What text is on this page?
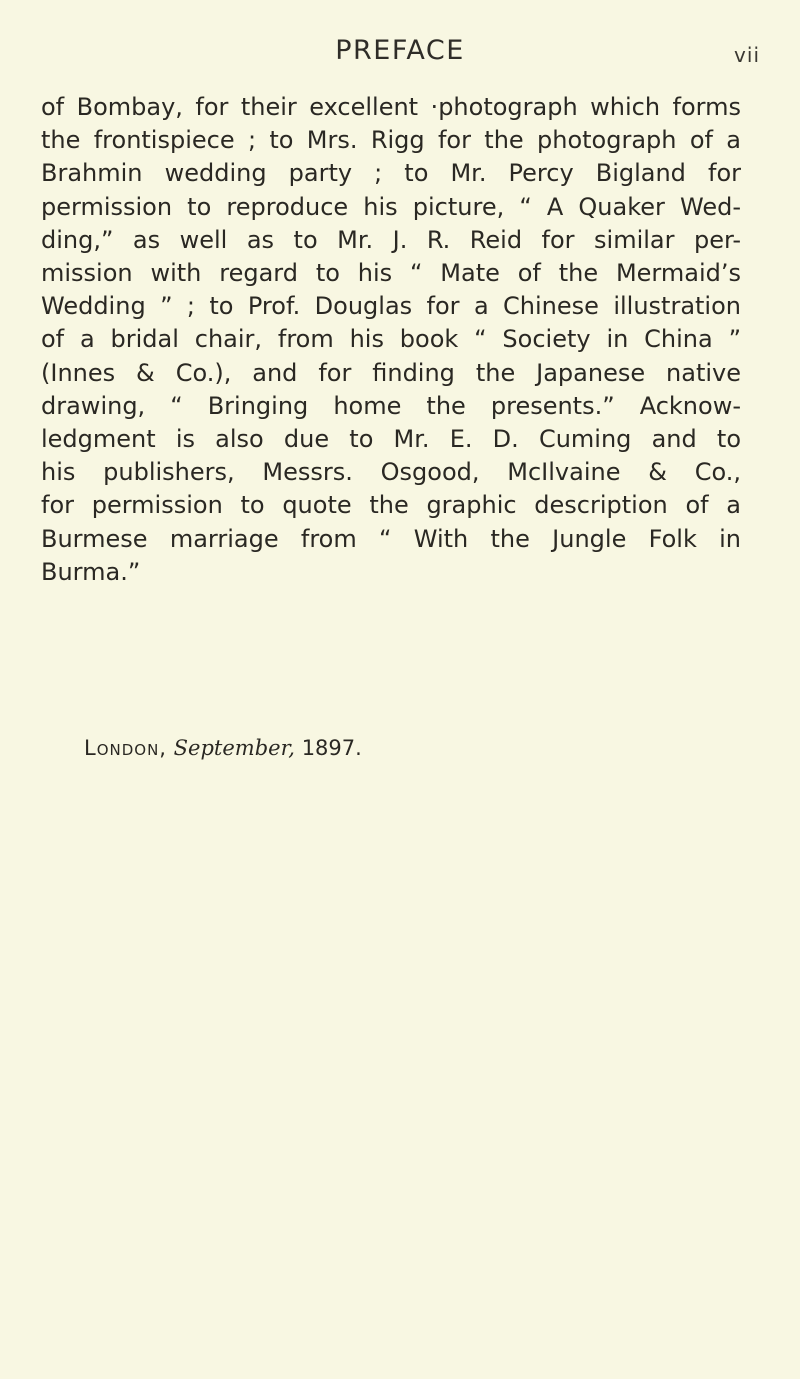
PREFACE	vii

of Bombay, for their excellent ·photograph which forms
the frontispiece ; to Mrs. Rigg for the photograph of a
Brahmin wedding party ; to Mr. Percy Bigland for
permission to reproduce his picture, “ A Quaker Wed-
ding,” as well as to Mr. J. R. Reid for similar per-
mission with regard to his “ Mate of the Mermaid’s
Wedding ” ; to Prof. Douglas for a Chinese illustration
of a bridal chair, from his book “ Society in China ”
(Innes & Co.), and for finding the Japanese native
drawing, “ Bringing home the presents.” Acknow-
ledgment is also due to Mr. E. D. Cuming and to
his publishers, Messrs. Osgood, McIlvaine & Co.,
for permission to quote the graphic description of a
Burmese marriage from “ With the Jungle Folk in
Burma.”

London, September, 1897.
